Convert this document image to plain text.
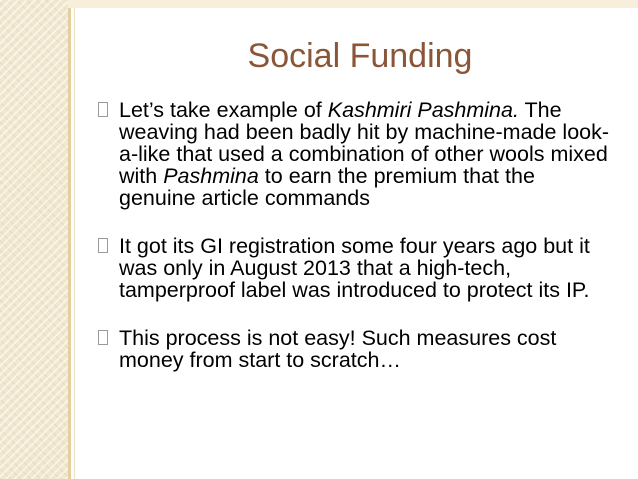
Social Funding
Let’s take example of Kashmiri Pashmina. The weaving had been badly hit by machine-made look-a-like that used a combination of other wools mixed with Pashmina to earn the premium that the genuine article commands
It got its GI registration some four years ago but it was only in August 2013 that a high-tech, tamperproof label was introduced to protect its IP.
This process is not easy! Such measures cost money from start to scratch…
